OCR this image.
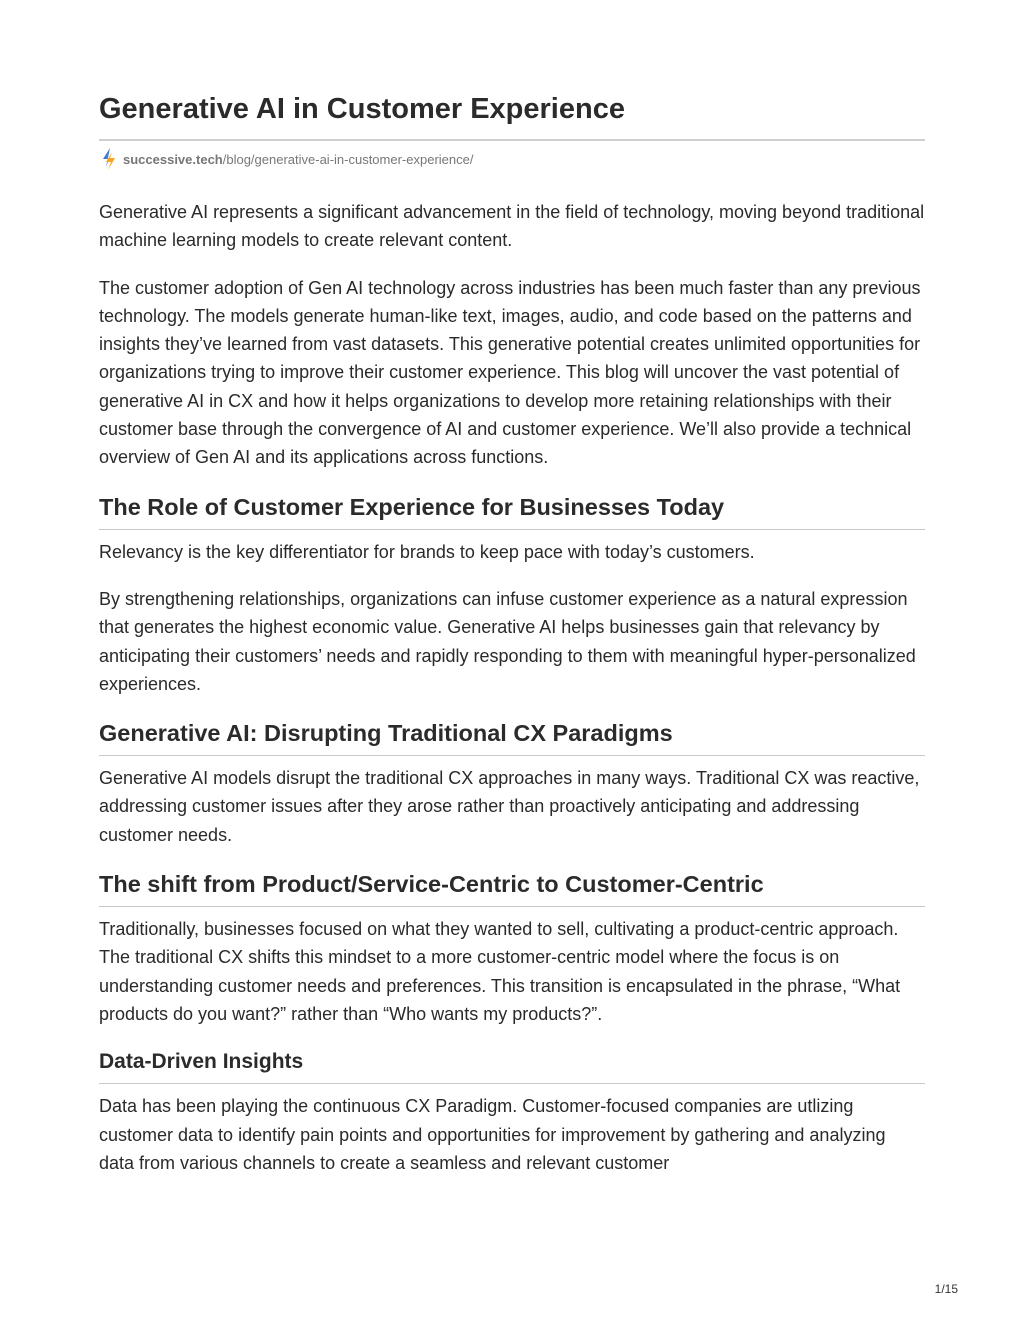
Generative AI in Customer Experience
successive.tech /blog/generative-ai-in-customer-experience/

Generative AI represents a significant advancement in the field of technology, moving beyond traditional machine learning models to create relevant content.

The customer adoption of Gen AI technology across industries has been much faster than any previous technology. The models generate human-like text, images, audio, and code based on the patterns and insights they’ve learned from vast datasets. This generative potential creates unlimited opportunities for organizations trying to improve their customer experience. This blog will uncover the vast potential of generative AI in CX and how it helps organizations to develop more retaining relationships with their customer base through the convergence of AI and customer experience. We’ll also provide a technical overview of Gen AI and its applications across functions.

The Role of Customer Experience for Businesses Today

Relevancy is the key differentiator for brands to keep pace with today’s customers.

By strengthening relationships, organizations can infuse customer experience as a natural expression that generates the highest economic value. Generative AI helps businesses gain that relevancy by anticipating their customers’ needs and rapidly responding to them with meaningful hyper-personalized experiences.

Generative AI: Disrupting Traditional CX Paradigms

Generative AI models disrupt the traditional CX approaches in many ways. Traditional CX was reactive, addressing customer issues after they arose rather than proactively anticipating and addressing customer needs.

The shift from Product/Service-Centric to Customer-Centric

Traditionally, businesses focused on what they wanted to sell, cultivating a product-centric approach. The traditional CX shifts this mindset to a more customer-centric model where the focus is on understanding customer needs and preferences. This transition is encapsulated in the phrase, “What products do you want?” rather than “Who wants my products?”.

Data-Driven Insights

Data has been playing the continuous CX Paradigm. Customer-focused companies are utlizing customer data to identify pain points and opportunities for improvement by gathering and analyzing data from various channels to create a seamless and relevant customer

1/15
